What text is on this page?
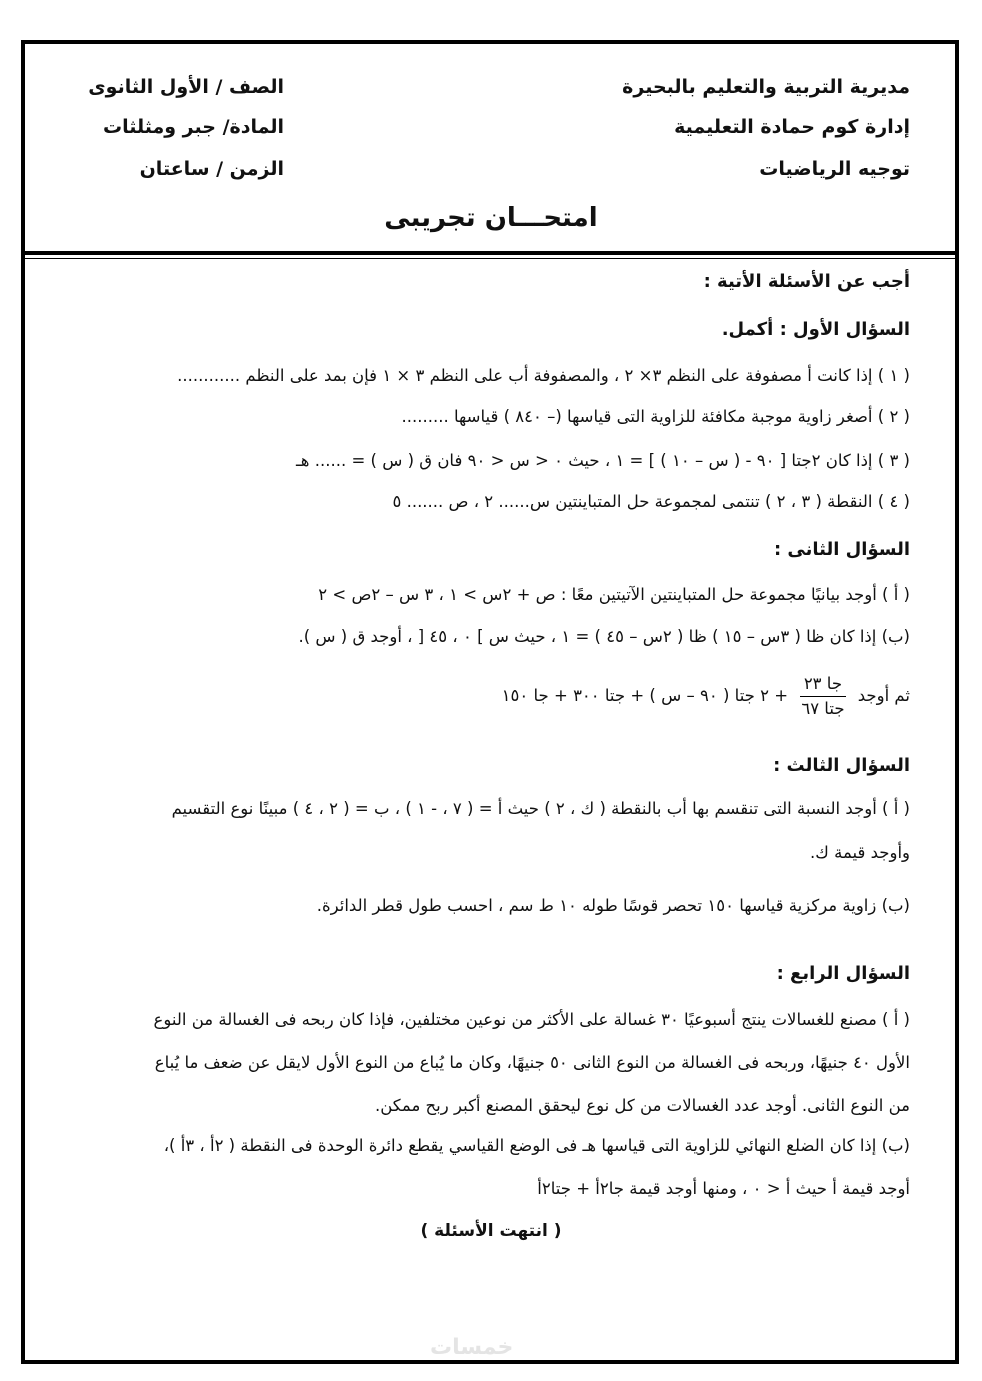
مديرية التربية والتعليم بالبحيرة
إدارة كوم حمادة التعليمية
توجيه الرياضيات
الصف / الأول الثانوى
المادة/ جبر ومثلثات
الزمن / ساعتان
امتحـــان تجريبى
أجب عن الأسئلة الأتية :
السؤال الأول : أكمل.
( ١ ) إذا كانت أ مصفوفة على النظم ٣× ٢ ، والمصفوفة أب على النظم ٣ × ١ فإن بمد على النظم ............
( ٢ ) أصغر زاوية موجبة مكافئة للزاوية التى قياسها (– ٨٤٠ ) قياسها .........
( ٣ ) إذا كان ٢جتا [ ٩٠ - ( س – ١٠ ) ] = ١ ، حيث ٠ < س < ٩٠ فان ق ( س ) = ...... هـ
( ٤ ) النقطة ( ٣ ، ٢ ) تنتمى لمجموعة حل المتباينتين س...... ٢ ، ص ....... ٥
السؤال الثانى :
( أ ) أوجد بيانيًا مجموعة حل المتباينتين الآتيتين معًا : ص + ٢س > ١ ، ٣ س – ٢ص > ٢
(ب) إذا كان ظا ( ٣س – ١٥ ) ظا ( ٢س – ٤٥ ) = ١ ، حيث س ] ٠ ، ٤٥ [ ، أوجد ق ( س ).
ثم أوجد
$\frac{\text{جا ٢٣}}{\text{جتا ٦٧}}$
+ ٢ جتا ( ٩٠ – س ) + جتا ٣٠٠ + جا ١٥٠
السؤال الثالث :
( أ ) أوجد النسبة التى تنقسم بها أب بالنقطة ( ك ، ٢ ) حيث أ = ( ٧ ، - ١ ) ، ب = ( ٢ ، ٤ ) مبينًا نوع التقسيم
وأوجد قيمة ك.
(ب) زاوية مركزية قياسها ١٥٠ تحصر قوسًا طوله ١٠ ط سم ، احسب طول قطر الدائرة.
السؤال الرابع :
( أ ) مصنع للغسالات ينتج أسبوعيًا ٣٠ غسالة على الأكثر من نوعين مختلفين، فإذا كان ربحه فى الغسالة من النوع
الأول ٤٠ جنيهًا، وربحه فى الغسالة من النوع الثانى ٥٠ جنيهًا، وكان ما يُباع من النوع الأول لايقل عن ضعف ما يُباع
من النوع الثانى. أوجد عدد الغسالات من كل نوع ليحقق المصنع أكبر ربح ممكن.
(ب) إذا كان الضلع النهائي للزاوية التى قياسها هـ فى الوضع القياسي يقطع دائرة الوحدة فى النقطة ( ٢أ ، ٣أ )،
أوجد قيمة أ حيث أ < ٠ ، ومنها أوجد قيمة جا٢أ + جتا٢أ
( انتهت الأسئلة )
خمسات
